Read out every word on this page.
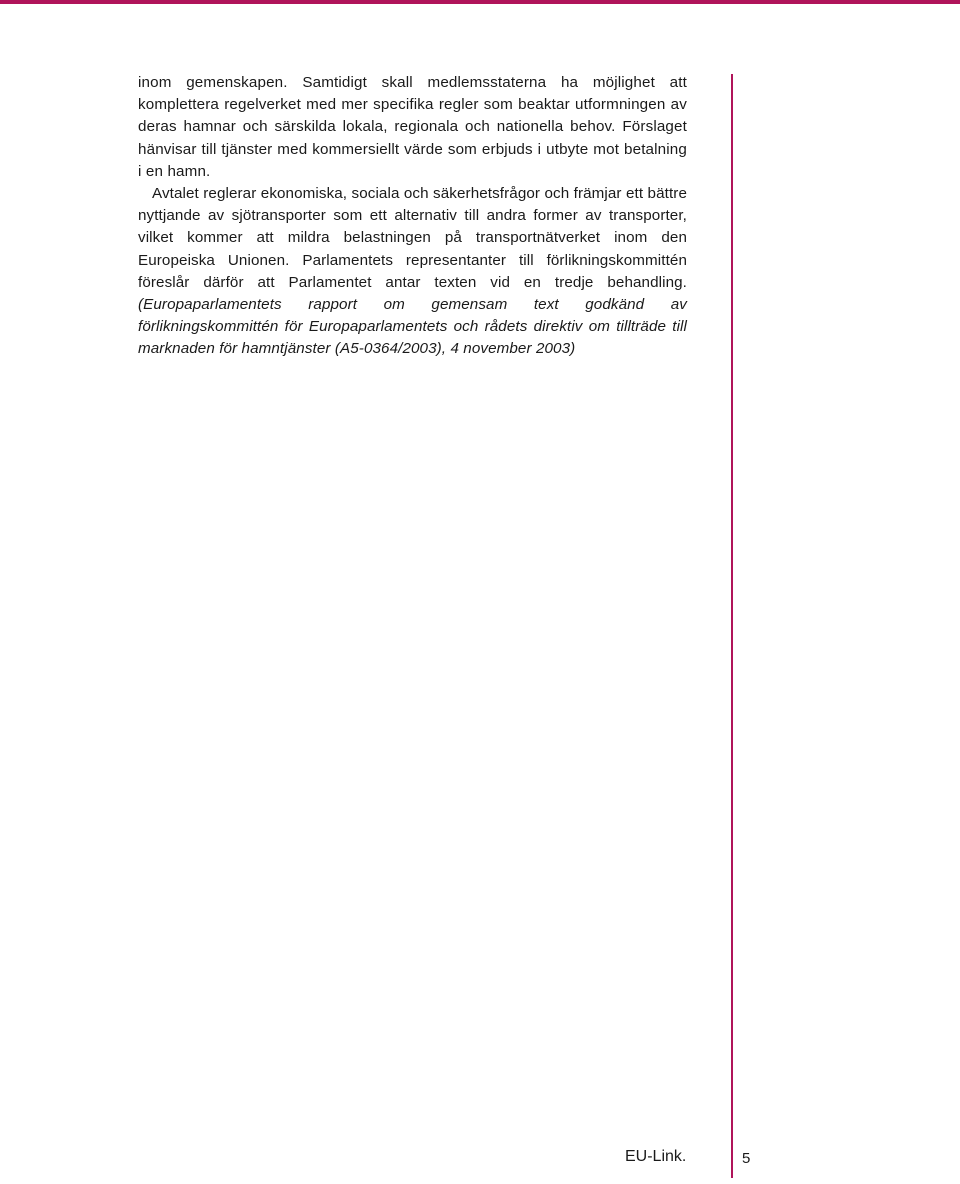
inom gemenskapen. Samtidigt skall medlemsstaterna ha möjlighet att komplettera regelverket med mer specifika regler som beaktar utformningen av deras hamnar och särskilda lokala, regionala och nationella behov. Förslaget hänvisar till tjänster med kommersiellt värde som erbjuds i utbyte mot betalning i en hamn.

Avtalet reglerar ekonomiska, sociala och säkerhetsfrågor och främjar ett bättre nyttjande av sjötransporter som ett alternativ till andra former av transporter, vilket kommer att mildra belastningen på transportnätverket inom den Europeiska Unionen. Parlamentets representanter till förlikningskommittén föreslår därför att Parlamentet antar texten vid en tredje behandling. (Europaparlamentets rapport om gemensam text godkänd av förlikningskommittén för Europaparlamentets och rådets direktiv om tillträde till marknaden för hamntjänster (A5-0364/2003), 4 november 2003)

EU-Link.	5
